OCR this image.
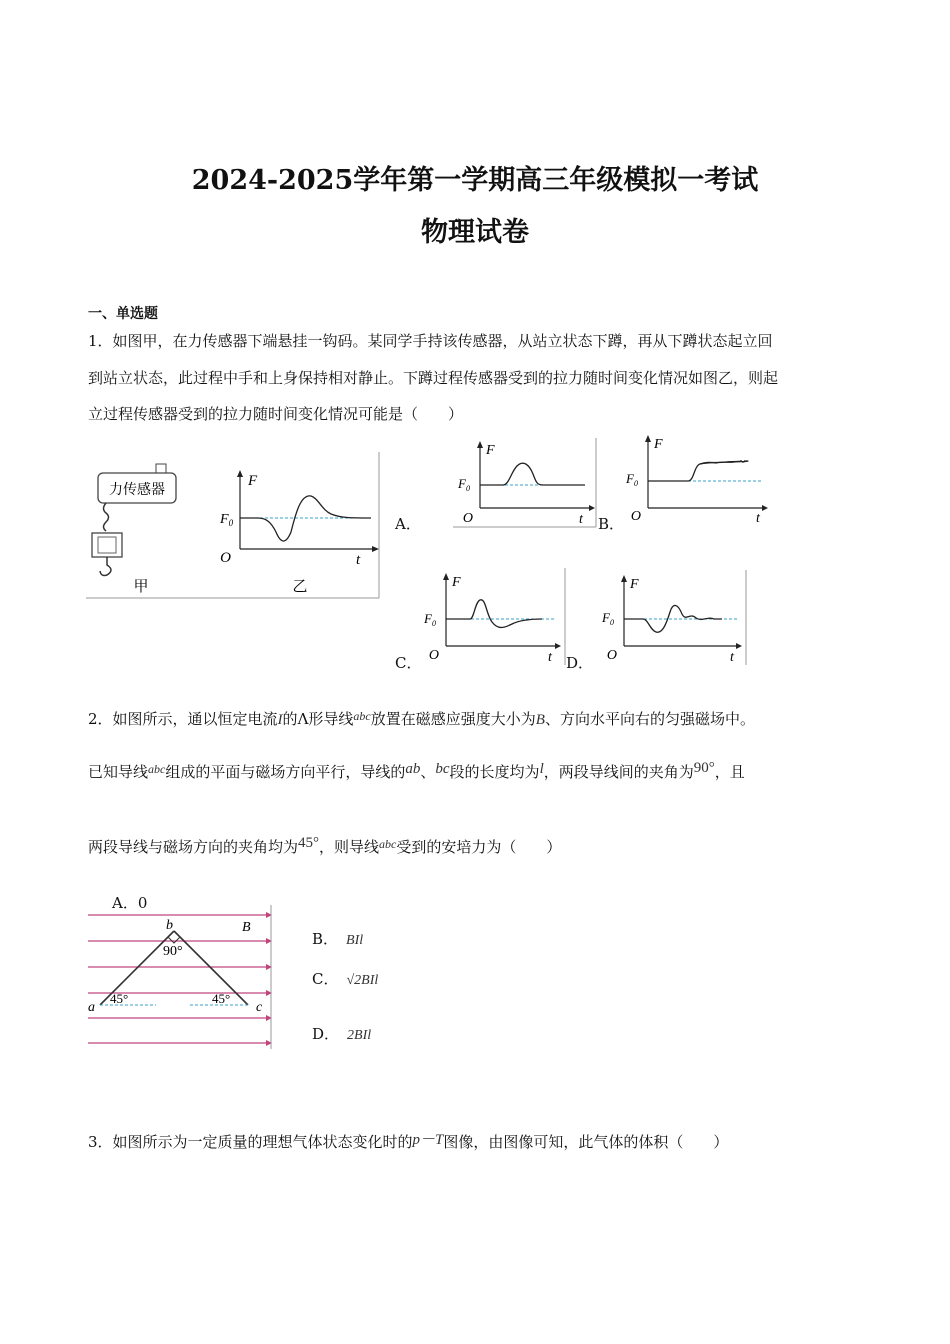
2024-2025学年第一学期高三年级模拟一考试
物理试卷
一、单选题
1．如图甲，在力传感器下端悬挂一钩码。某同学手持该传感器，从站立状态下蹲，再从下蹲状态起立回
到站立状态，此过程中手和上身保持相对静止。下蹲过程传感器受到的拉力随时间变化情况如图乙，则起
立过程传感器受到的拉力随时间变化情况可能是（　　）
力传感器
甲
F
O	t
$F_0$
乙
A．
F
O	t
$F_0$
B．
F
O	t
$F_0$
C．
F
O	t
$F_0$
D．
F
O	t
$F_0$
2．如图所示，通以恒定电流I的Λ形导线$^{abc}$放置在磁感应强度大小为B、方向水平向右的匀强磁场中。
已知导线$^{abc}$组成的平面与磁场方向平行，导线的ab、bc段的长度均为l，两段导线间的夹角为90°，且
两段导线与磁场方向的夹角均为45°，则导线$^{abc}$受到的安培力为（　　）
A．0
b	B
90°
a
45°	45°
c
B． BIl
C． √2BIl
D． 2BIl
3．如图所示为一定质量的理想气体状态变化时的p－T图像，由图像可知，此气体的体积（　　）
